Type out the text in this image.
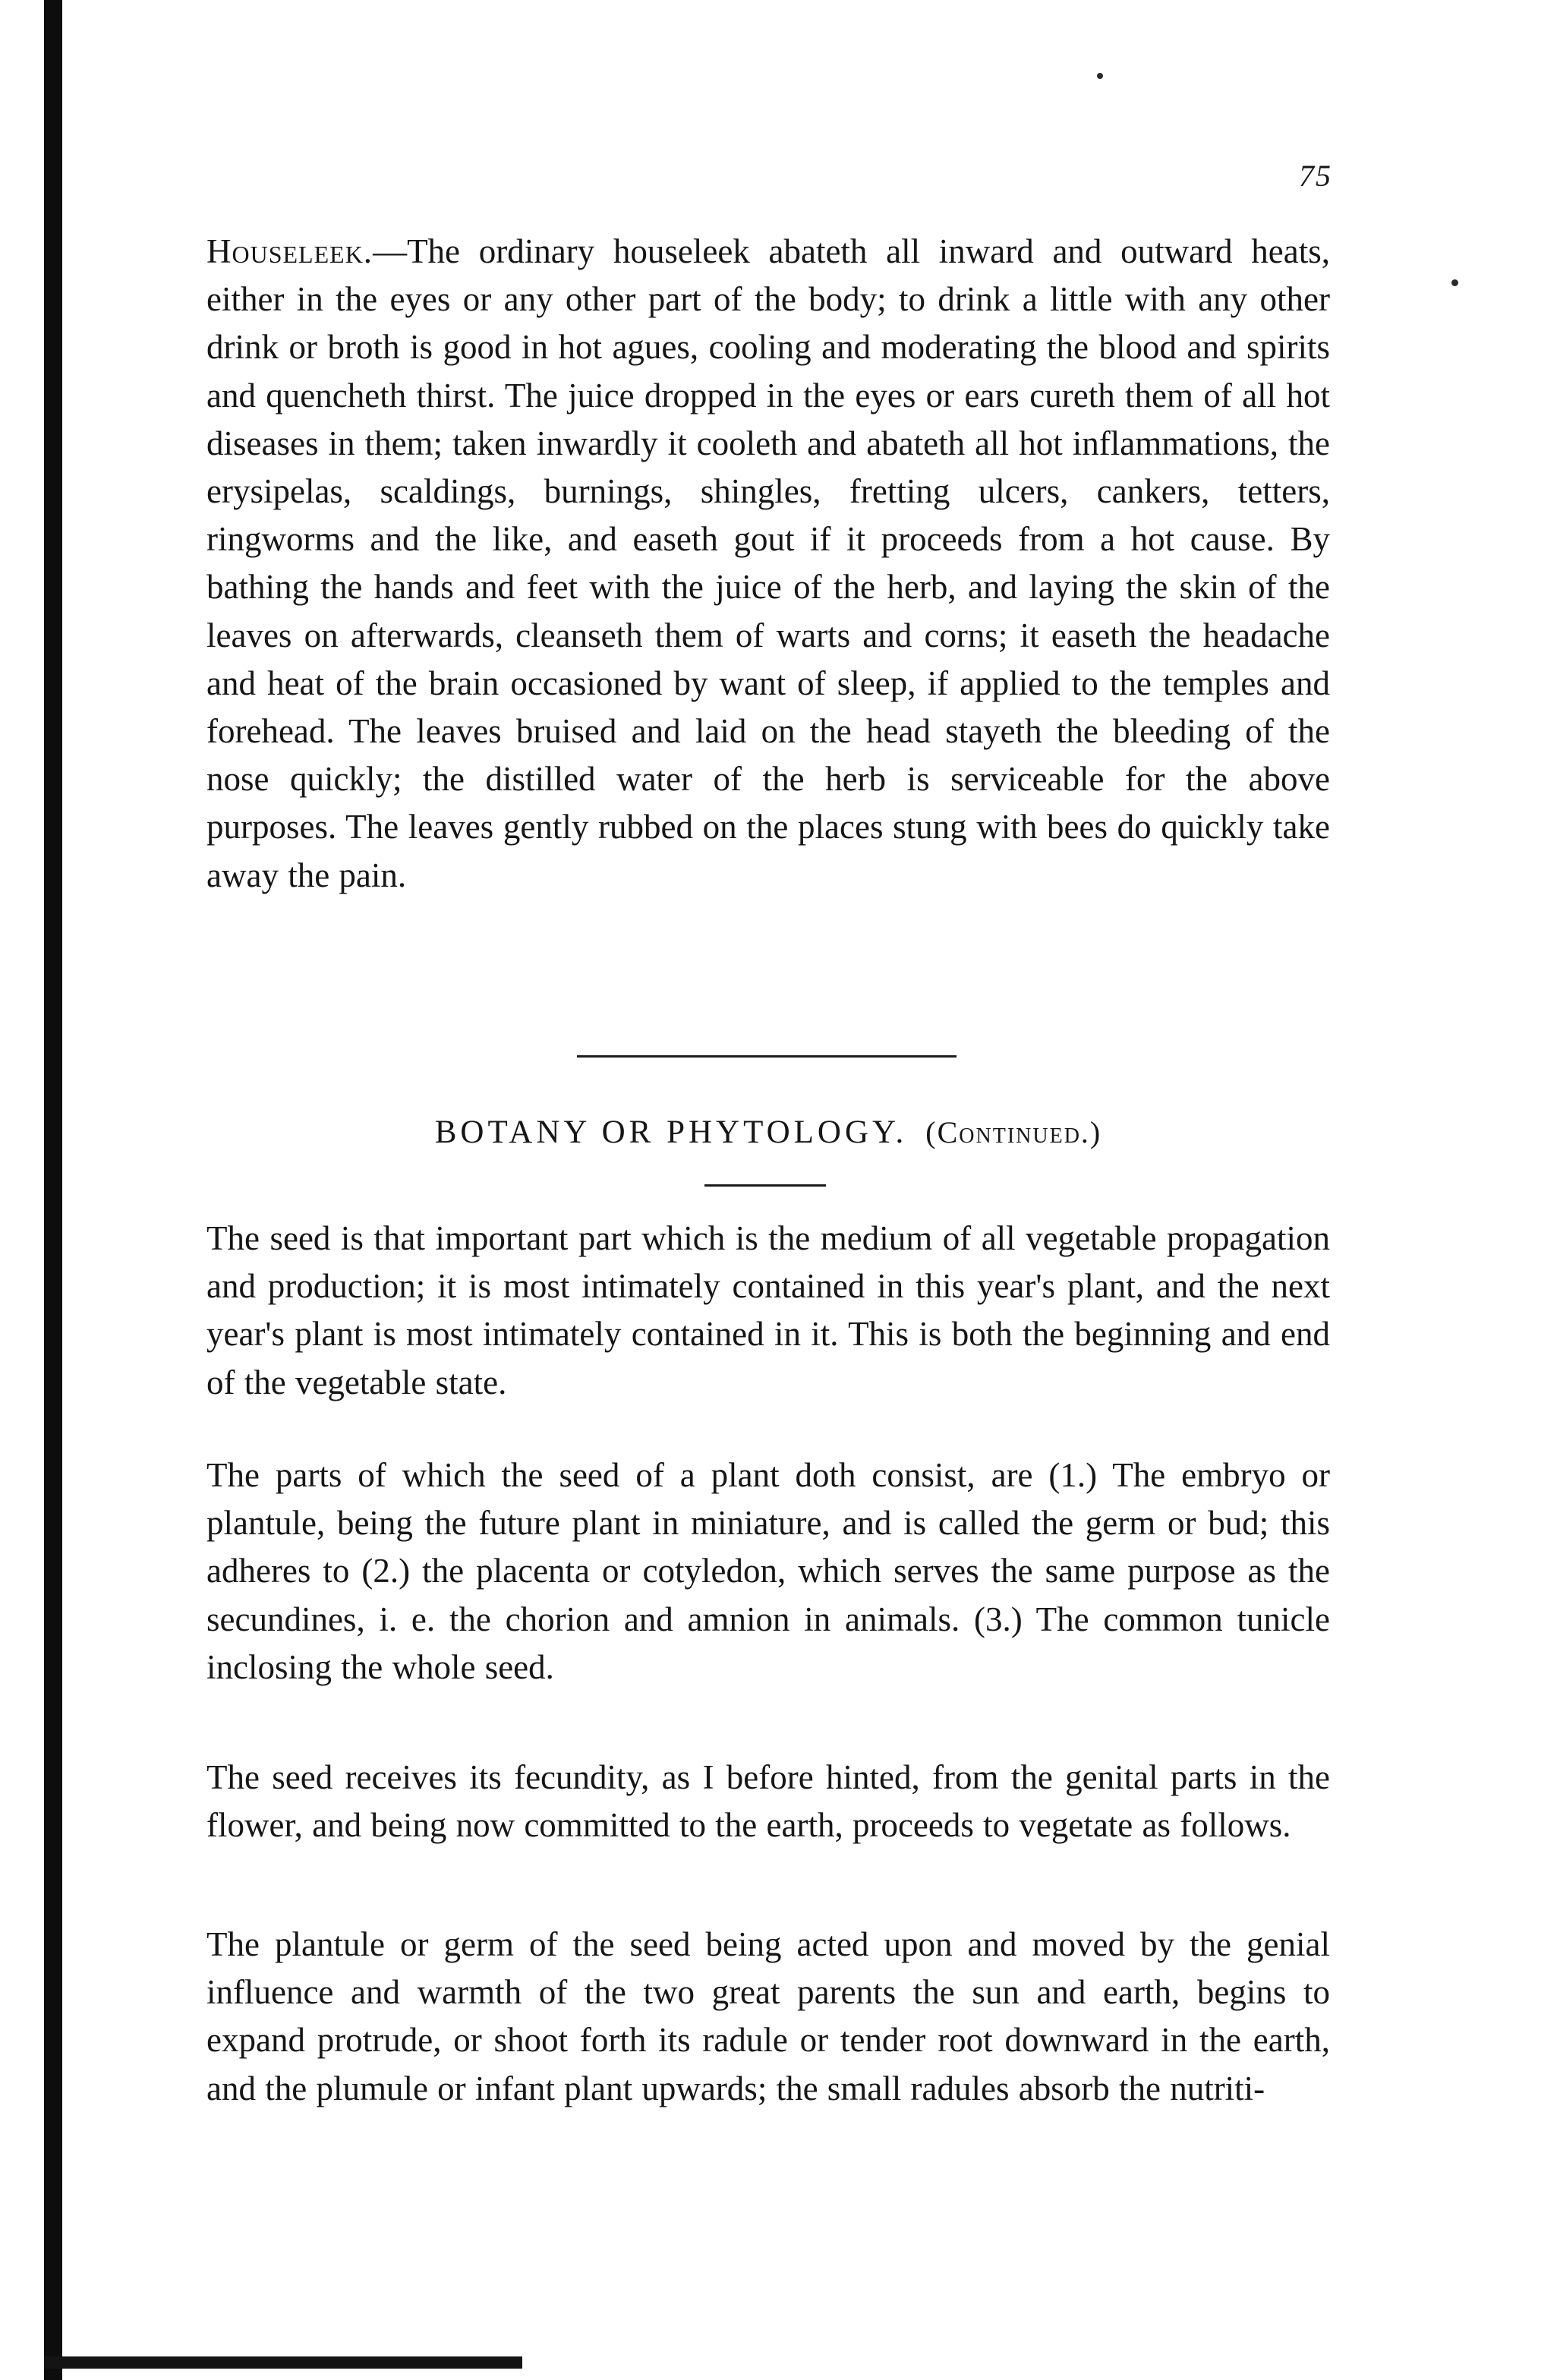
75

Houseleek.—The ordinary houseleek abateth all inward and outward heats, either in the eyes or any other part of the body; to drink a little with any other drink or broth is good in hot agues, cooling and moderating the blood and spirits and quencheth thirst. The juice dropped in the eyes or ears cureth them of all hot diseases in them; taken inwardly it cooleth and abateth all hot inflammations, the erysipelas, scaldings, burnings, shingles, fretting ulcers, cankers, tetters, ringworms and the like, and easeth gout if it proceeds from a hot cause. By bathing the hands and feet with the juice of the herb, and laying the skin of the leaves on afterwards, cleanseth them of warts and corns; it easeth the headache and heat of the brain occasioned by want of sleep, if applied to the temples and forehead. The leaves bruised and laid on the head stayeth the bleeding of the nose quickly; the distilled water of the herb is serviceable for the above purposes. The leaves gently rubbed on the places stung with bees do quickly take away the pain.

BOTANY OR PHYTOLOGY. (Continued.)

The seed is that important part which is the medium of all vegetable propagation and production; it is most intimately contained in this year's plant, and the next year's plant is most intimately contained in it. This is both the beginning and end of the vegetable state.

The parts of which the seed of a plant doth consist, are (1.) The embryo or plantule, being the future plant in miniature, and is called the germ or bud; this adheres to (2.) the placenta or cotyledon, which serves the same purpose as the secundines, i. e. the chorion and amnion in animals. (3.) The common tunicle inclosing the whole seed.

The seed receives its fecundity, as I before hinted, from the genital parts in the flower, and being now committed to the earth, proceeds to vegetate as follows.

The plantule or germ of the seed being acted upon and moved by the genial influence and warmth of the two great parents the sun and earth, begins to expand protrude, or shoot forth its radule or tender root downward in the earth, and the plumule or infant plant upwards; the small radules absorb the nutriti-
